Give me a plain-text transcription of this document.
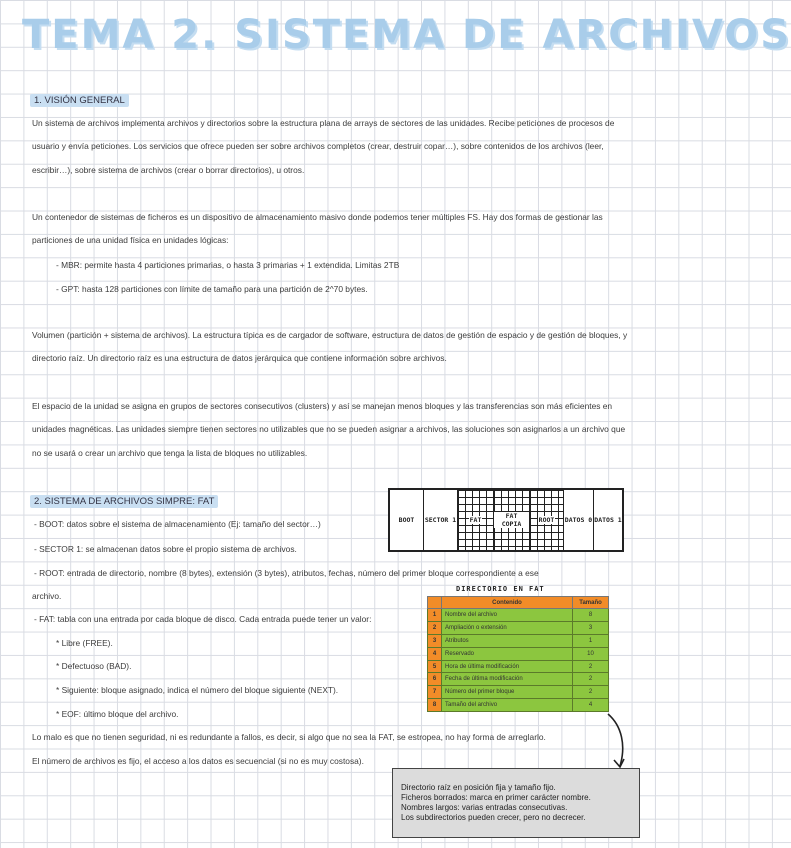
TEMA 2. SISTEMA DE ARCHIVOS
1. VISIÓN GENERAL
Un sistema de archivos implementa archivos y directorios sobre la estructura plana de arrays de sectores de las unidades. Recibe peticiones de procesos de usuario y envía peticiones. Los servicios que ofrece pueden ser sobre archivos completos (crear, destruir copar…), sobre contenidos de los archivos (leer, escribir…), sobre sistema de archivos (crear o borrar directorios), u otros.
Un contenedor de sistemas de ficheros es un dispositivo de almacenamiento masivo donde podemos tener múltiples FS. Hay dos formas de gestionar las particiones de una unidad física en unidades lógicas:
- MBR: permite hasta 4 particiones primarias, o hasta 3 primarias + 1 extendida. Limitas 2TB
- GPT: hasta 128 particiones con límite de tamaño para una partición de 2^70 bytes.
Volumen (partición + sistema de archivos). La estructura típica es de cargador de software, estructura de datos de gestión de espacio y de gestión de bloques, y directorio raíz. Un directorio raíz es una estructura de datos jerárquica que contiene información sobre archivos.
El espacio de la unidad se asigna en grupos de sectores consecutivos (clusters) y así se manejan menos bloques y las transferencias son más eficientes en unidades magnéticas. Las unidades siempre tienen sectores no utilizables que no se pueden asignar a archivos, las soluciones son asignarlos a un archivo que no se usará o crear un archivo que tenga la lista de bloques no utilizables.
2. SISTEMA DE ARCHIVOS SIMPRE: FAT
- BOOT: datos sobre el sistema de almacenamiento (Ej: tamaño del sector…)
- SECTOR 1: se almacenan datos sobre el propio sistema de archivos.
- ROOT: entrada de directorio, nombre (8 bytes), extensión (3 bytes), atributos, fechas, número del primer bloque correspondiente a ese
archivo.
- FAT: tabla con una entrada por cada bloque de disco. Cada entrada puede tener un valor:
* Libre (FREE).
* Defectuoso (BAD).
* Siguiente: bloque asignado, indica el número del bloque siguiente (NEXT).
* EOF: último bloque del archivo.
Lo malo es que no tienen seguridad, ni es redundante a fallos, es decir, si algo que no sea la FAT, se estropea, no hay forma de arreglarlo.
El número de archivos es fijo, el acceso a los datos es secuencial (si no es muy costosa).
BOOT SECTOR 1 FAT	FAT COPIA	ROOT DATOS 0 DATOS 1
DIRECTORIO EN FAT
	Contenido	Tamaño
1	Nombre del archivo	8
2	Ampliación o extensión	3
3	Atributos	1
4	Reservado	10
5	Hora de última modificación	2
6	Fecha de última modificación	2
7	Número del primer bloque	2
8	Tamaño del archivo	4
Directorio raíz en posición fija y tamaño fijo.
Ficheros borrados: marca en primer carácter nombre.
Nombres largos: varias entradas consecutivas.
Los subdirectorios pueden crecer, pero no decrecer.
